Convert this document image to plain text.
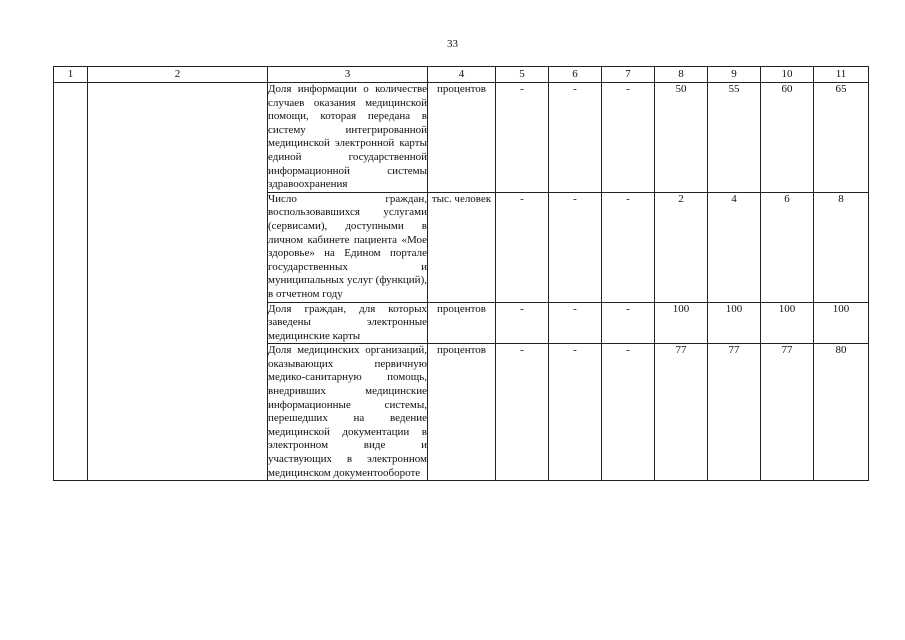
33
1	2	3	4	5	6	7	8	9	10	11
		Доля информации о количестве случаев оказания медицинской помощи, которая передана в систему интегрированной медицинской электронной карты единой государственной информационной системы здравоохранения	процентов	-	-	-	50	55	60	65
		Число граждан, воспользовавшихся услугами (сервисами), доступными в личном кабинете пациента «Мое здоровье» на Едином портале государственных и муниципальных услуг (функций), в отчетном году	тыс. человек	-	-	-	2	4	6	8
		Доля граждан, для которых заведены электронные медицинские карты	процентов	-	-	-	100	100	100	100
		Доля медицинских организаций, оказывающих первичную медико-санитарную помощь, внедривших медицинские информационные системы, перешедших на ведение медицинской документации в электронном виде и участвующих в электронном медицинском документообороте	процентов	-	-	-	77	77	77	80
